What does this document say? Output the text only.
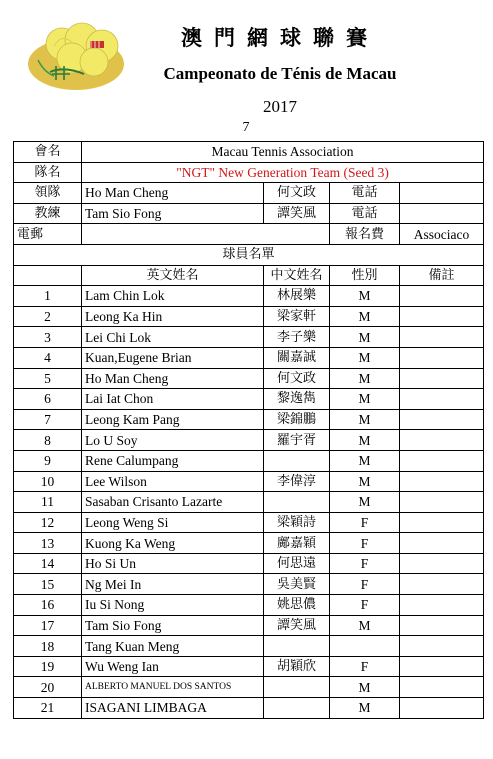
澳門網球聯賽
Campeonato de Ténis de Macau
2017
7
會名	Macau Tennis Association			
隊名	"NGT" New Generation Team (Seed 3)			
領隊	Ho Man Cheng	何文政	電話	
教練	Tam Sio Fong	譚笑風	電話	
電郵			報名費	Associaco
球員名單				
	英文姓名	中文姓名	性別	備註
1	Lam Chin Lok	林展樂	M	
2	Leong Ka Hin	梁家軒	M	
3	Lei Chi Lok	李子樂	M	
4	Kuan,Eugene Brian	關嘉誠	M	
5	Ho Man Cheng	何文政	M	
6	Lai Iat Chon	黎逸雋	M	
7	Leong Kam Pang	梁錦鵬	M	
8	Lo U Soy	羅宇胥	M	
9	Rene Calumpang		M	
10	Lee Wilson	李偉淳	M	
11	Sasaban Crisanto Lazarte		M	
12	Leong Weng Si	梁穎詩	F	
13	Kuong Ka Weng	鄺嘉穎	F	
14	Ho Si Un	何思遠	F	
15	Ng Mei In	吳美賢	F	
16	Iu Si Nong	姚思儂	F	
17	Tam Sio Fong	譚笑風	M	
18	Tang Kuan Meng			
19	Wu Weng Ian	胡穎欣	F	
20	ALBERTO MANUEL DOS SANTOS		M	
21	ISAGANI LIMBAGA		M	
